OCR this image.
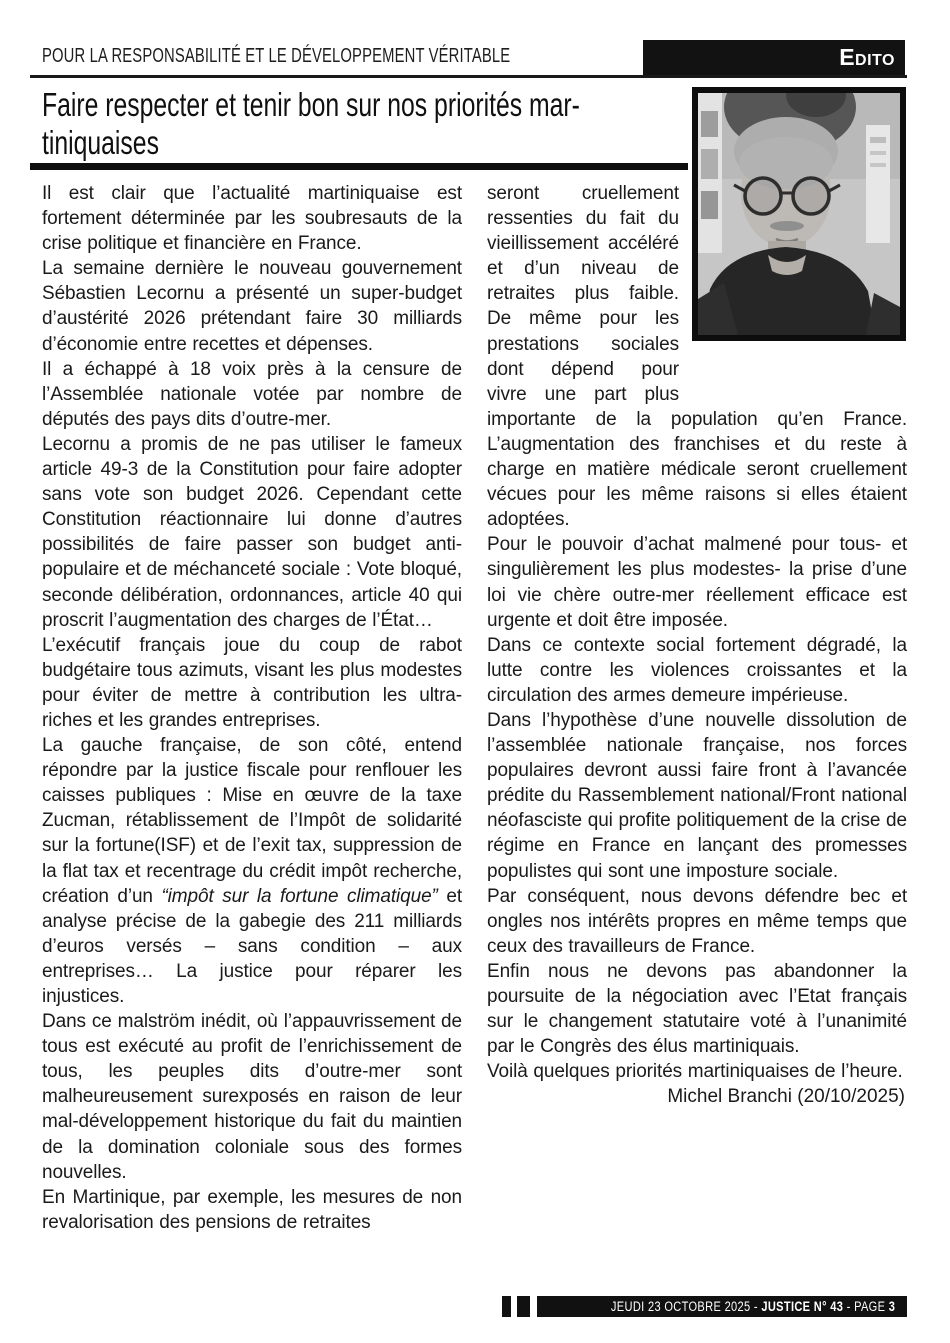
POUR LA RESPONSABILITÉ ET LE DÉVELOPPEMENT VÉRITABLE	Edito
Faire respecter et tenir bon sur nos priorités mar-
tiniquaises

Il est clair que l’actualité martiniquaise est fortement déterminée par les soubresauts de la crise politique et financière en France.

La semaine dernière le nouveau gouvernement Sébastien Lecornu a présenté un super-budget d’austérité 2026 prétendant faire 30 milliards d’économie entre recettes et dépenses.

Il a échappé à 18 voix près à la censure de l’Assemblée nationale votée par nombre de députés des pays dits d’outre-mer.

Lecornu a promis de ne pas utiliser le fameux article 49-3 de la Constitution pour faire adopter sans vote son budget 2026. Cependant cette Constitution réactionnaire lui donne d’autres possibilités de faire passer son budget anti-populaire et de méchanceté sociale : Vote bloqué, seconde délibération, ordonnances, article 40 qui proscrit l’augmentation des charges de l’État…

L’exécutif français joue du coup de rabot budgétaire tous azimuts, visant les plus modestes pour éviter de mettre à contribution les ultra-riches et les grandes entreprises.

La gauche française, de son côté, entend répondre par la justice fiscale pour renflouer les caisses publiques : Mise en œuvre de la taxe Zucman, rétablissement de l’Impôt de solidarité sur la fortune(ISF) et de l’exit tax, suppression de la flat tax et recentrage du crédit impôt recherche, création d’un “impôt sur la fortune climatique” et analyse précise de la gabegie des 211 milliards d’euros versés – sans condition – aux entreprises… La justice pour réparer les injustices.

Dans ce malström inédit, où l’appauvrissement de tous est exécuté au profit de l’enrichissement de tous, les peuples dits d’outre-mer sont malheureusement surexposés en raison de leur mal-développement historique du fait du maintien de la domination coloniale sous des formes nouvelles.

En Martinique, par exemple, les mesures de non revalorisation des pensions de retraites

seront cruellement ressenties du fait du vieillissement accéléré et d’un niveau de retraites plus faible. De même pour les prestations sociales dont dépend pour vivre une part plus importante de la population qu’en France. L’augmentation des franchises et du reste à charge en matière médicale seront cruellement vécues pour les même raisons si elles étaient adoptées.

Pour le pouvoir d’achat malmené pour tous- et singulièrement les plus modestes- la prise d’une loi vie chère outre-mer réellement efficace est urgente et doit être imposée.

Dans ce contexte social fortement dégradé, la lutte contre les violences croissantes et la circulation des armes demeure impérieuse.

Dans l’hypothèse d’une nouvelle dissolution de l’assemblée nationale française, nos forces populaires devront aussi faire front à l’avancée prédite du Rassemblement national/Front national néofasciste qui profite politiquement de la crise de régime en France en lançant des promesses populistes qui sont une imposture sociale.

Par conséquent, nous devons défendre bec et ongles nos intérêts propres en même temps que ceux des travailleurs de France.

Enfin nous ne devons pas abandonner la poursuite de la négociation avec l’Etat français sur le changement statutaire voté à l’unanimité par le Congrès des élus martiniquais.

Voilà quelques priorités martiniquaises de l’heure.

Michel Branchi (20/10/2025)

JEUDI 23 OCTOBRE 2025 - JUSTICE N° 43 - PAGE 3
